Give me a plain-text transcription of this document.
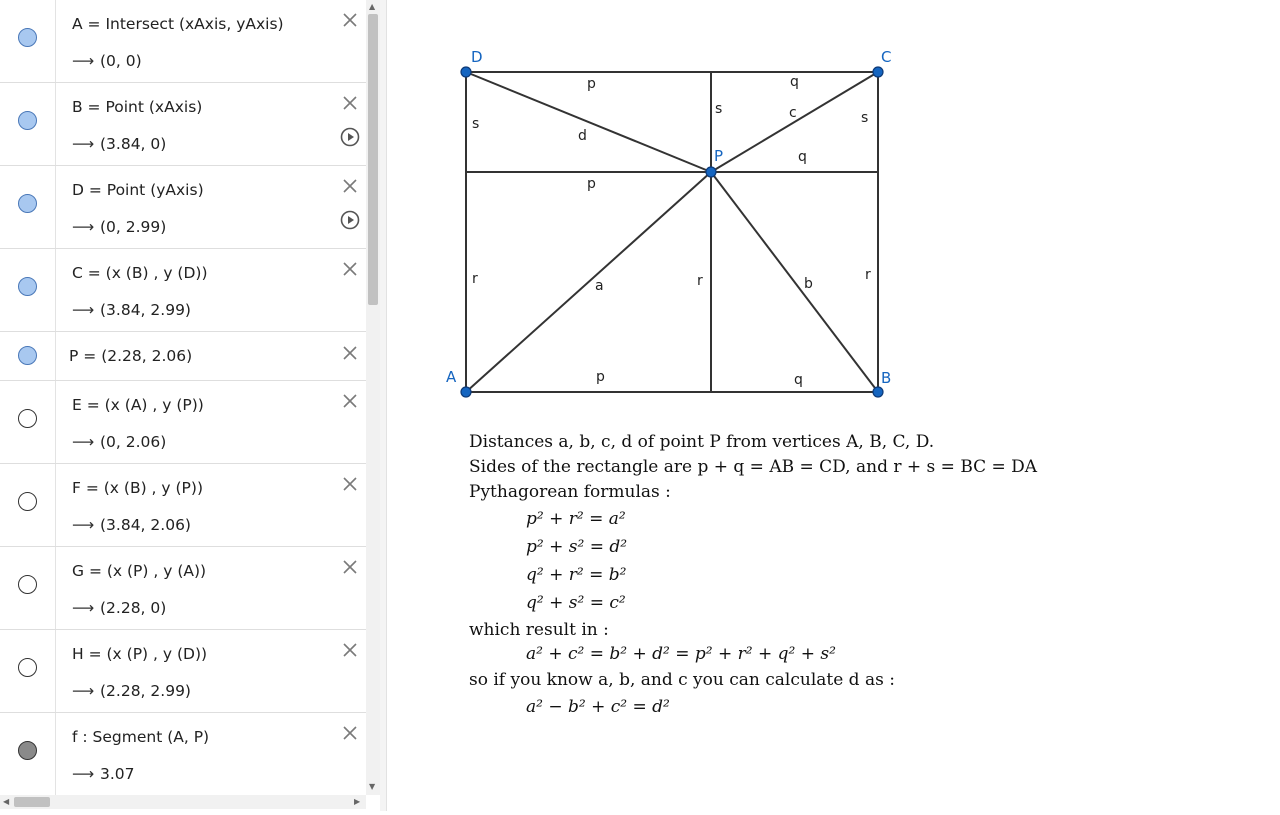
A = Intersect (xAxis, yAxis)
⟶ (0, 0)
B = Point (xAxis)
⟶ (3.84, 0)
D = Point (yAxis)
⟶ (0, 2.99)
C = (x (B) , y (D))
⟶ (3.84, 2.99)
P = (2.28, 2.06)
E = (x (A) , y (P))
⟶ (0, 2.06)
F = (x (B) , y (P))
⟶ (3.84, 2.06)
G = (x (P) , y (A))
⟶ (2.28, 0)
H = (x (P) , y (D))
⟶ (2.28, 2.99)
f : Segment (A, P)
⟶ 3.07
▲
▼
◀	▶
p	q
p
q
p	q
s
r
s
r
s
r
a	b
c
d
D	C
A	B
P
Distances a, b, c, d of point P from vertices A, B, C, D.
Sides of the rectangle are p + q = AB = CD, and r + s = BC = DA
Pythagorean formulas :
p² + r² = a²
p² + s² = d²
q² + r² = b²
q² + s² = c²
which result in :
a² + c² = b² + d² = p² + r² + q² + s²
so if you know a, b, and c you can calculate d as :
a² − b² + c² = d²
